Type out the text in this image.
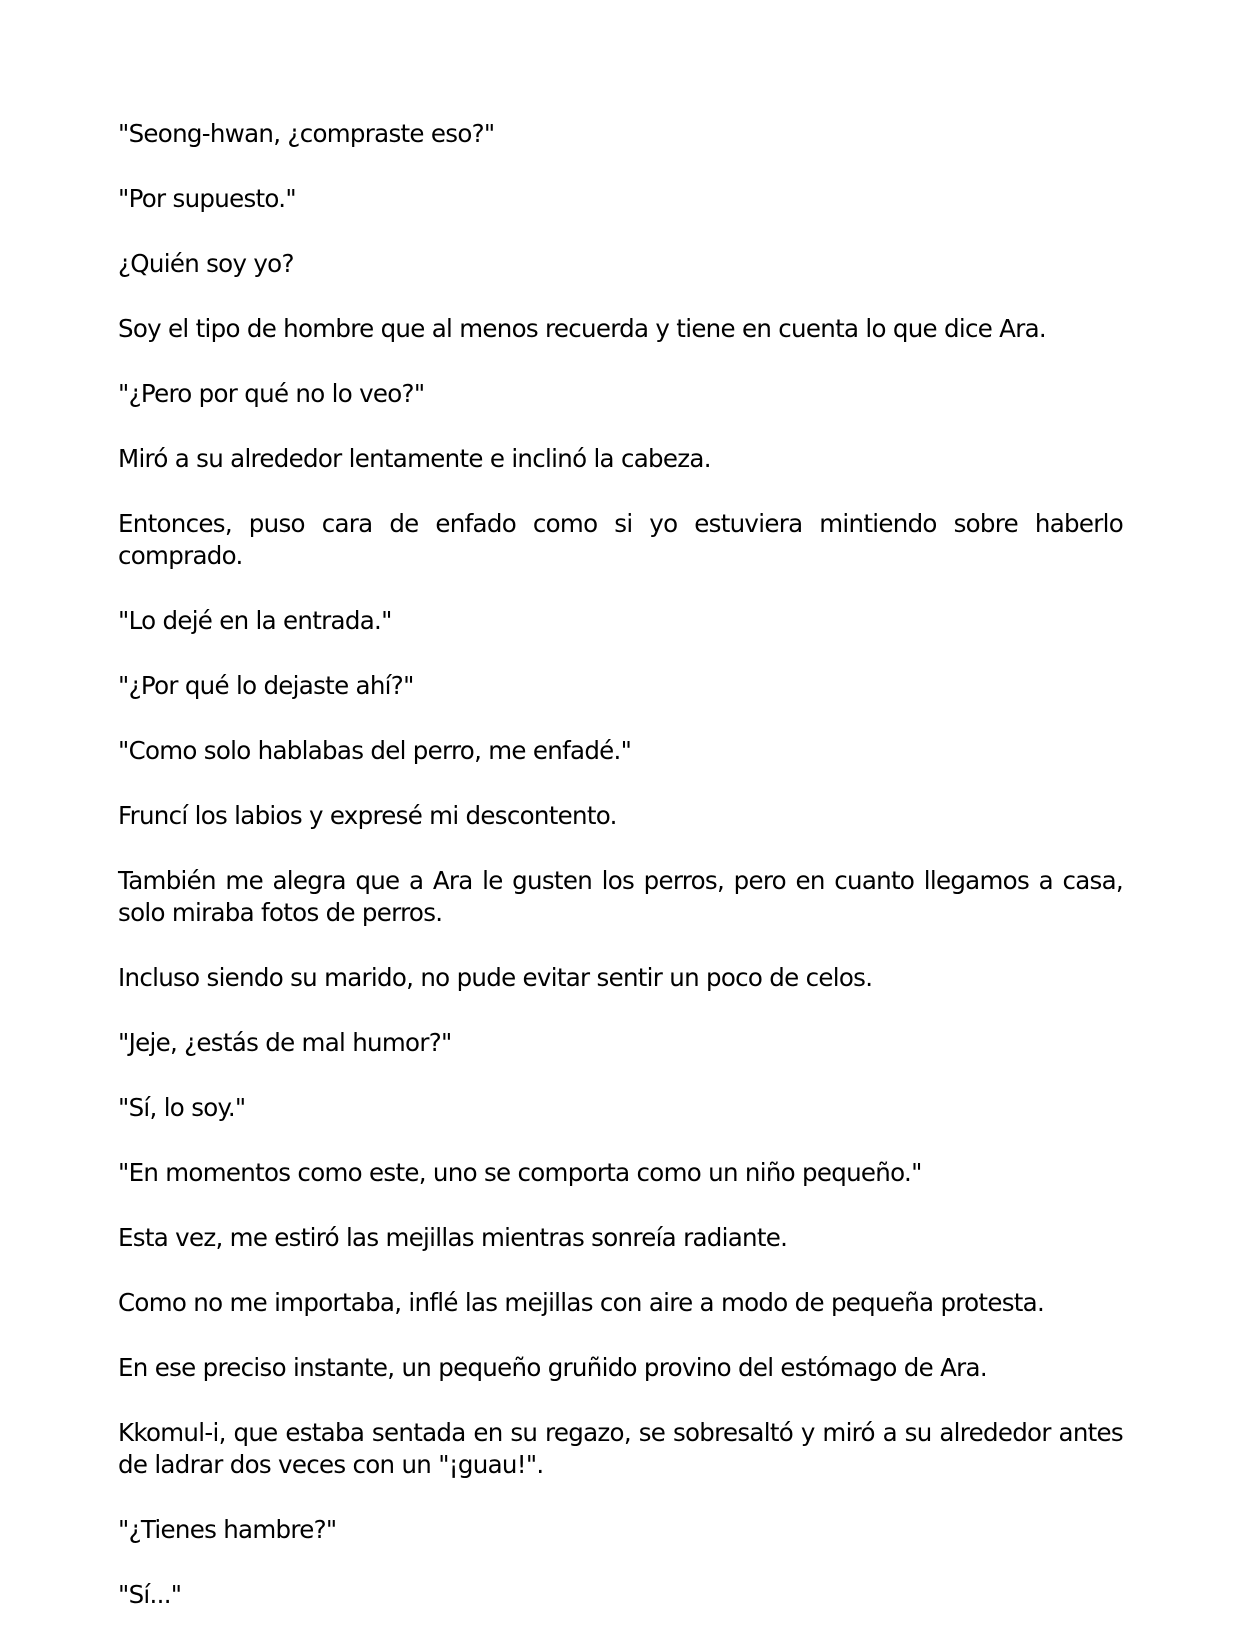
"Seong-hwan, ¿compraste eso?"

"Por supuesto."

¿Quién soy yo?

Soy el tipo de hombre que al menos recuerda y tiene en cuenta lo que dice Ara.

"¿Pero por qué no lo veo?"

Miró a su alrededor lentamente e inclinó la cabeza.

Entonces, puso cara de enfado como si yo estuviera mintiendo sobre haberlo comprado.

"Lo dejé en la entrada."

"¿Por qué lo dejaste ahí?"

"Como solo hablabas del perro, me enfadé."

Fruncí los labios y expresé mi descontento.

También me alegra que a Ara le gusten los perros, pero en cuanto llegamos a casa, solo miraba fotos de perros.

Incluso siendo su marido, no pude evitar sentir un poco de celos.

"Jeje, ¿estás de mal humor?"

"Sí, lo soy."

"En momentos como este, uno se comporta como un niño pequeño."

Esta vez, me estiró las mejillas mientras sonreía radiante.

Como no me importaba, inflé las mejillas con aire a modo de pequeña protesta.

En ese preciso instante, un pequeño gruñido provino del estómago de Ara.

Kkomul-i, que estaba sentada en su regazo, se sobresaltó y miró a su alrededor antes de ladrar dos veces con un "¡guau!".

"¿Tienes hambre?"

"Sí..."
